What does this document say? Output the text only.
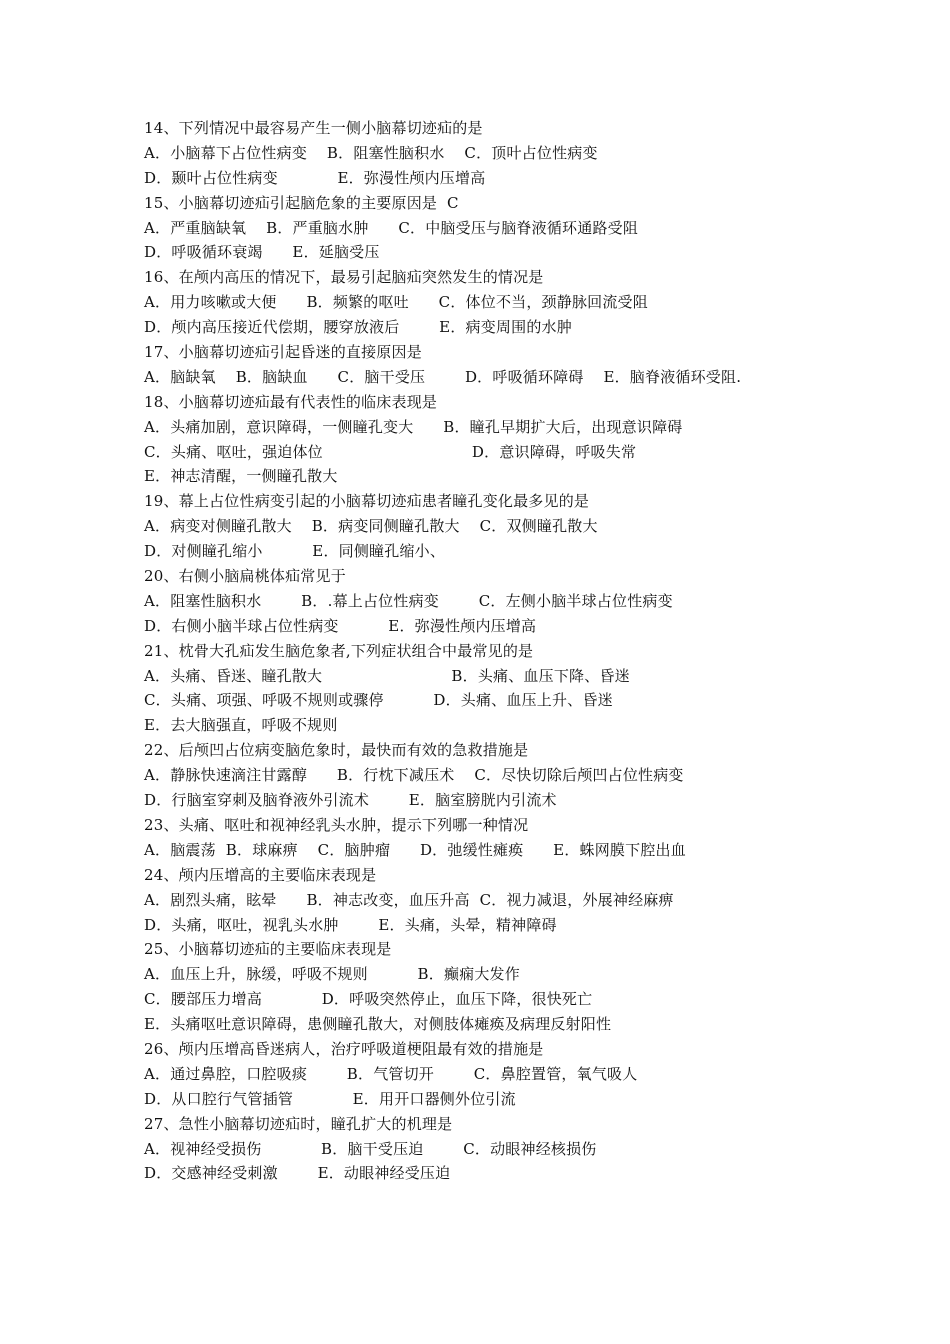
14、下列情况中最容易产生一侧小脑幕切迹疝的是
A．小脑幕下占位性病变    B．阻塞性脑积水    C．顶叶占位性病变
D．颞叶占位性病变            E．弥漫性颅内压增高
15、小脑幕切迹疝引起脑危象的主要原因是  C
A．严重脑缺氧    B．严重脑水肿      C．中脑受压与脑脊液循环通路受阻
D．呼吸循环衰竭      E．延脑受压
16、在颅内高压的情况下，最易引起脑疝突然发生的情况是
A．用力咳嗽或大便      B．频繁的呕吐      C．体位不当，颈静脉回流受阻
D．颅内高压接近代偿期，腰穿放液后        E．病变周围的水肿
17、小脑幕切迹疝引起昏迷的直接原因是
A．脑缺氧    B．脑缺血      C．脑干受压        D．呼吸循环障碍    E．脑脊液循环受阻.
18、小脑幕切迹疝最有代表性的临床表现是
A．头痛加剧，意识障碍，一侧瞳孔变大      B．瞳孔早期扩大后，出现意识障碍
C．头痛、呕吐，强迫体位                              D．意识障碍，呼吸失常
E．神志清醒，一侧瞳孔散大
19、幕上占位性病变引起的小脑幕切迹疝患者瞳孔变化最多见的是
A．病变对侧瞳孔散大    B．病变同侧瞳孔散大    C．双侧瞳孔散大
D．对侧瞳孔缩小          E．同侧瞳孔缩小、
20、右侧小脑扁桃体疝常见于
A．阻塞性脑积水        B．.幕上占位性病变        C．左侧小脑半球占位性病变
D．右侧小脑半球占位性病变          E．弥漫性颅内压增高
21、枕骨大孔疝发生脑危象者,下列症状组合中最常见的是
A．头痛、昏迷、瞳孔散大                          B．头痛、血压下降、昏迷
C．头痛、项强、呼吸不规则或骤停          D．头痛、血压上升、昏迷
E．去大脑强直，呼吸不规则
22、后颅凹占位病变脑危象时，最快而有效的急救措施是
A．静脉快速滴注甘露醇      B．行枕下减压术    C．尽快切除后颅凹占位性病变
D．行脑室穿刺及脑脊液外引流术        E．脑室膀胱内引流术
23、头痛、呕吐和视神经乳头水肿，提示下列哪一种情况
A．脑震荡  B．球麻痹    C．脑肿瘤      D．弛缓性瘫痪      E．蛛网膜下腔出血
24、颅内压增高的主要临床表现是
A．剧烈头痛，眩晕      B．神志改变，血压升高  C．视力减退，外展神经麻痹
D．头痛，呕吐，视乳头水肿        E．头痛，头晕，精神障碍
25、小脑幕切迹疝的主要临床表现是
A．血压上升，脉缓，呼吸不规则          B．癫痫大发作
C．腰部压力增高            D．呼吸突然停止，血压下降，很快死亡
E．头痛呕吐意识障碍，患侧瞳孔散大，对侧肢体瘫痪及病理反射阳性
26、颅内压增高昏迷病人，治疗呼吸道梗阻最有效的措施是
A．通过鼻腔，口腔吸痰        B．气管切开        C．鼻腔置管，氧气吸人
D．从口腔行气管插管            E．用开口器侧外位引流
27、急性小脑幕切迹疝时，瞳孔扩大的机理是
A．视神经受损伤            B．脑干受压迫        C．动眼神经核损伤
D．交感神经受刺激        E．动眼神经受压迫
